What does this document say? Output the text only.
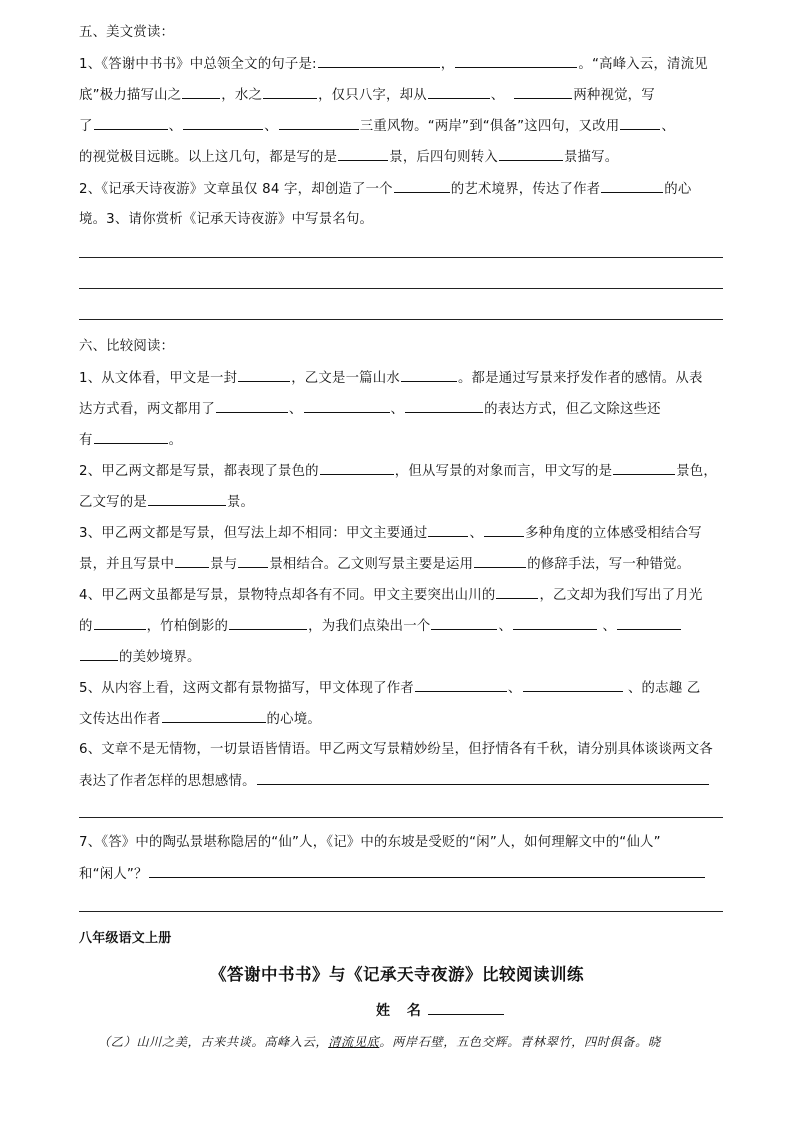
五、美文赏读：
1、《答谢中书书》中总领全文的句子是:	，	。“高峰入云，清流见
底”极力描写山之	，水之	，仅只八字，却从	、	两种视觉，写
了	、	、	三重风物。“两岸”到“俱备”这四句，又改用	、
的视觉极目远眺。以上这几句，都是写的是	景，后四句则转入	景描写。
2、《记承天诗夜游》文章虽仅 84 字，却创造了一个	的艺术境界，传达了作者	的心
境。3、请你赏析《记承天诗夜游》中写景名句。
六、比较阅读：
1、从文体看，甲文是一封	，乙文是一篇山水	。都是通过写景来抒发作者的感情。从表
达方式看，两文都用了	、	、	的表达方式，但乙文除这些还
有	。
2、甲乙两文都是写景，都表现了景色的	，但从写景的对象而言，甲文写的是	景色，
乙文写的是	景。
3、甲乙两文都是写景，但写法上却不相同：甲文主要通过	、	多种角度的立体感受相结合写
景，并且写景中	景与 景相结合。乙文则写景主要是运用	的修辞手法，写一种错觉。
4、甲乙两文虽都是写景，景物特点却各有不同。甲文主要突出山川的	，乙文却为我们写出了月光
的	，竹柏倒影的	，为我们点染出一个	、	、
的美妙境界。
5、从内容上看，这两文都有景物描写，甲文体现了作者	、	、的志趣 乙
文传达出作者	的心境。
6、文章不是无情物，一切景语皆情语。甲乙两文写景精妙纷呈，但抒情各有千秋，请分别具体谈谈两文各
表达了作者怎样的思想感情。
7、《答》中的陶弘景堪称隐居的“仙”人，《记》中的东坡是受贬的“闲”人，如何理解文中的“仙人”
和“闲人”？
八年级语文上册
《答谢中书书》与《记承天寺夜游》比较阅读训练
姓 名
（乙）山川之美，古来共谈。高峰入云，清流见底。两岸石壁，五色交辉。青林翠竹，四时俱备。晓
